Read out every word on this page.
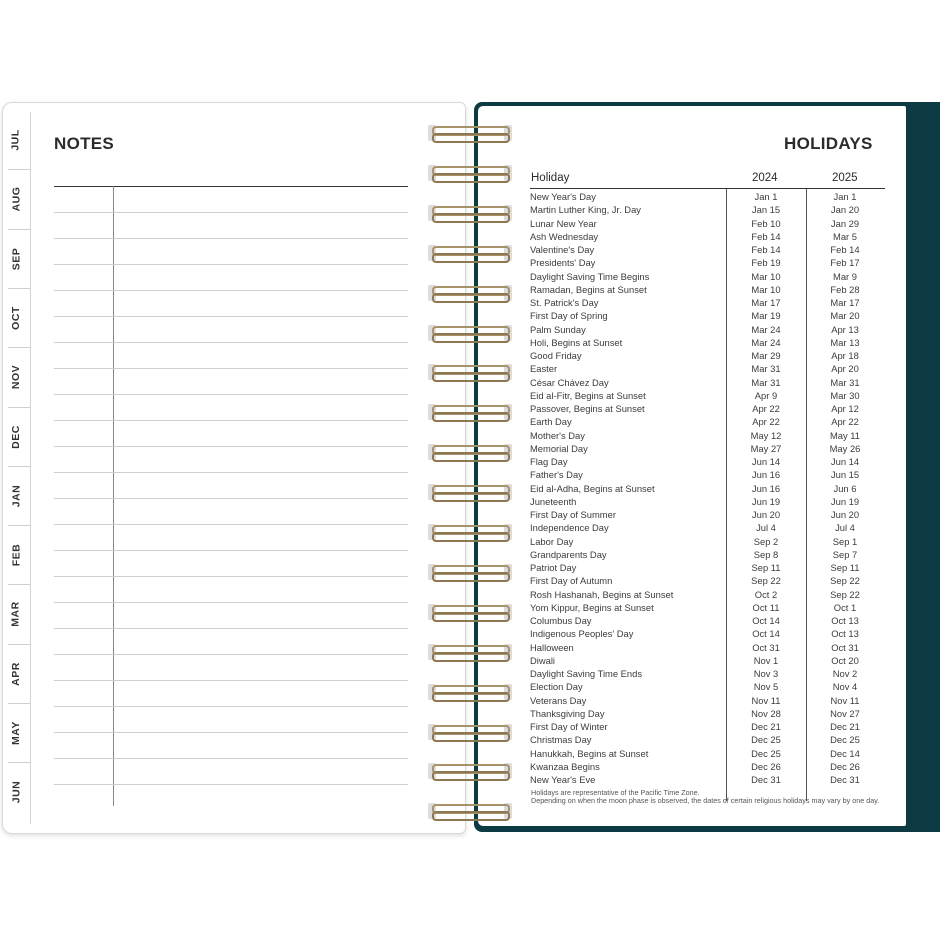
JUL
AUG
SEP
OCT
NOV
DEC
JAN
FEB
MAR
APR
MAY
JUN
NOTES	HOLIDAYS
Holiday	2024	2025
New Year's Day	Jan 1	Jan 1
Martin Luther King, Jr. Day	Jan 15	Jan 20
Lunar New Year	Feb 10	Jan 29
Ash Wednesday	Feb 14	Mar 5
Valentine's Day	Feb 14	Feb 14
Presidents' Day	Feb 19	Feb 17
Daylight Saving Time Begins	Mar 10	Mar 9
Ramadan, Begins at Sunset	Mar 10	Feb 28
St. Patrick's Day	Mar 17	Mar 17
First Day of Spring	Mar 19	Mar 20
Palm Sunday	Mar 24	Apr 13
Holi, Begins at Sunset	Mar 24	Mar 13
Good Friday	Mar 29	Apr 18
Easter	Mar 31	Apr 20
César Chávez Day	Mar 31	Mar 31
Eid al-Fitr, Begins at Sunset	Apr 9	Mar 30
Passover, Begins at Sunset	Apr 22	Apr 12
Earth Day	Apr 22	Apr 22
Mother's Day	May 12	May 11
Memorial Day	May 27	May 26
Flag Day	Jun 14	Jun 14
Father's Day	Jun 16	Jun 15
Eid al-Adha, Begins at Sunset	Jun 16	Jun 6
Juneteenth	Jun 19	Jun 19
First Day of Summer	Jun 20	Jun 20
Independence Day	Jul 4	Jul 4
Labor Day	Sep 2	Sep 1
Grandparents Day	Sep 8	Sep 7
Patriot Day	Sep 11	Sep 11
First Day of Autumn	Sep 22	Sep 22
Rosh Hashanah, Begins at Sunset	Oct 2	Sep 22
Yom Kippur, Begins at Sunset	Oct 11	Oct 1
Columbus Day	Oct 14	Oct 13
Indigenous Peoples' Day	Oct 14	Oct 13
Halloween	Oct 31	Oct 31
Diwali	Nov 1	Oct 20
Daylight Saving Time Ends	Nov 3	Nov 2
Election Day	Nov 5	Nov 4
Veterans Day	Nov 11	Nov 11
Thanksgiving Day	Nov 28	Nov 27
First Day of Winter	Dec 21	Dec 21
Christmas Day	Dec 25	Dec 25
Hanukkah, Begins at Sunset	Dec 25	Dec 14
Kwanzaa Begins	Dec 26	Dec 26
New Year's Eve	Dec 31	Dec 31
Holidays are representative of the Pacific Time Zone.
Depending on when the moon phase is observed, the dates of certain religious holidays may vary by one day.
